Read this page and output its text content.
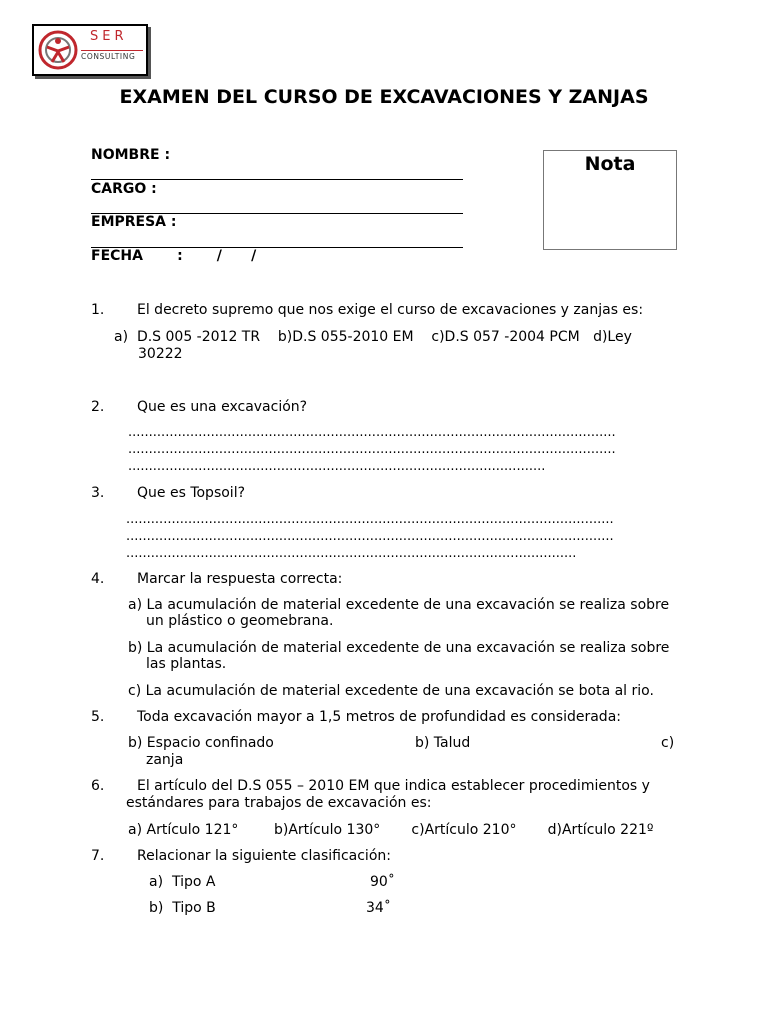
SER
CONSULTING
EXAMEN DEL CURSO DE EXCAVACIONES Y ZANJAS
NOMBRE :
CARGO :
EMPRESA :
FECHA       :       /      /
Nota
1. El decreto supremo que nos exige el curso de excavaciones y zanjas es:
a)  D.S 005 -2012 TR    b)D.S 055-2010 EM    c)D.S 057 -2004 PCM   d)Ley
30222
2. Que es una excavación?
......................................................................................................................
......................................................................................................................
.....................................................................................................
3. Que es Topsoil?
......................................................................................................................
......................................................................................................................
.............................................................................................................
4. Marcar la respuesta correcta:
a) La acumulación de material excedente de una excavación se realiza sobre
un plástico o geomebrana.
b) La acumulación de material excedente de una excavación se realiza sobre
las plantas.
c) La acumulación de material excedente de una excavación se bota al rio.
5. Toda excavación mayor a 1,5 metros de profundidad es considerada:
b) Espacio confinado	b) Talud	c)
zanja
6. El artículo del D.S 055 – 2010 EM que indica establecer procedimientos y
estándares para trabajos de excavación es:
a) Artículo 121°        b)Artículo 130°       c)Artículo 210°       d)Artículo 221º
7. Relacionar la siguiente clasificación:
a)  Tipo A	90˚
b)  Tipo B	34˚
